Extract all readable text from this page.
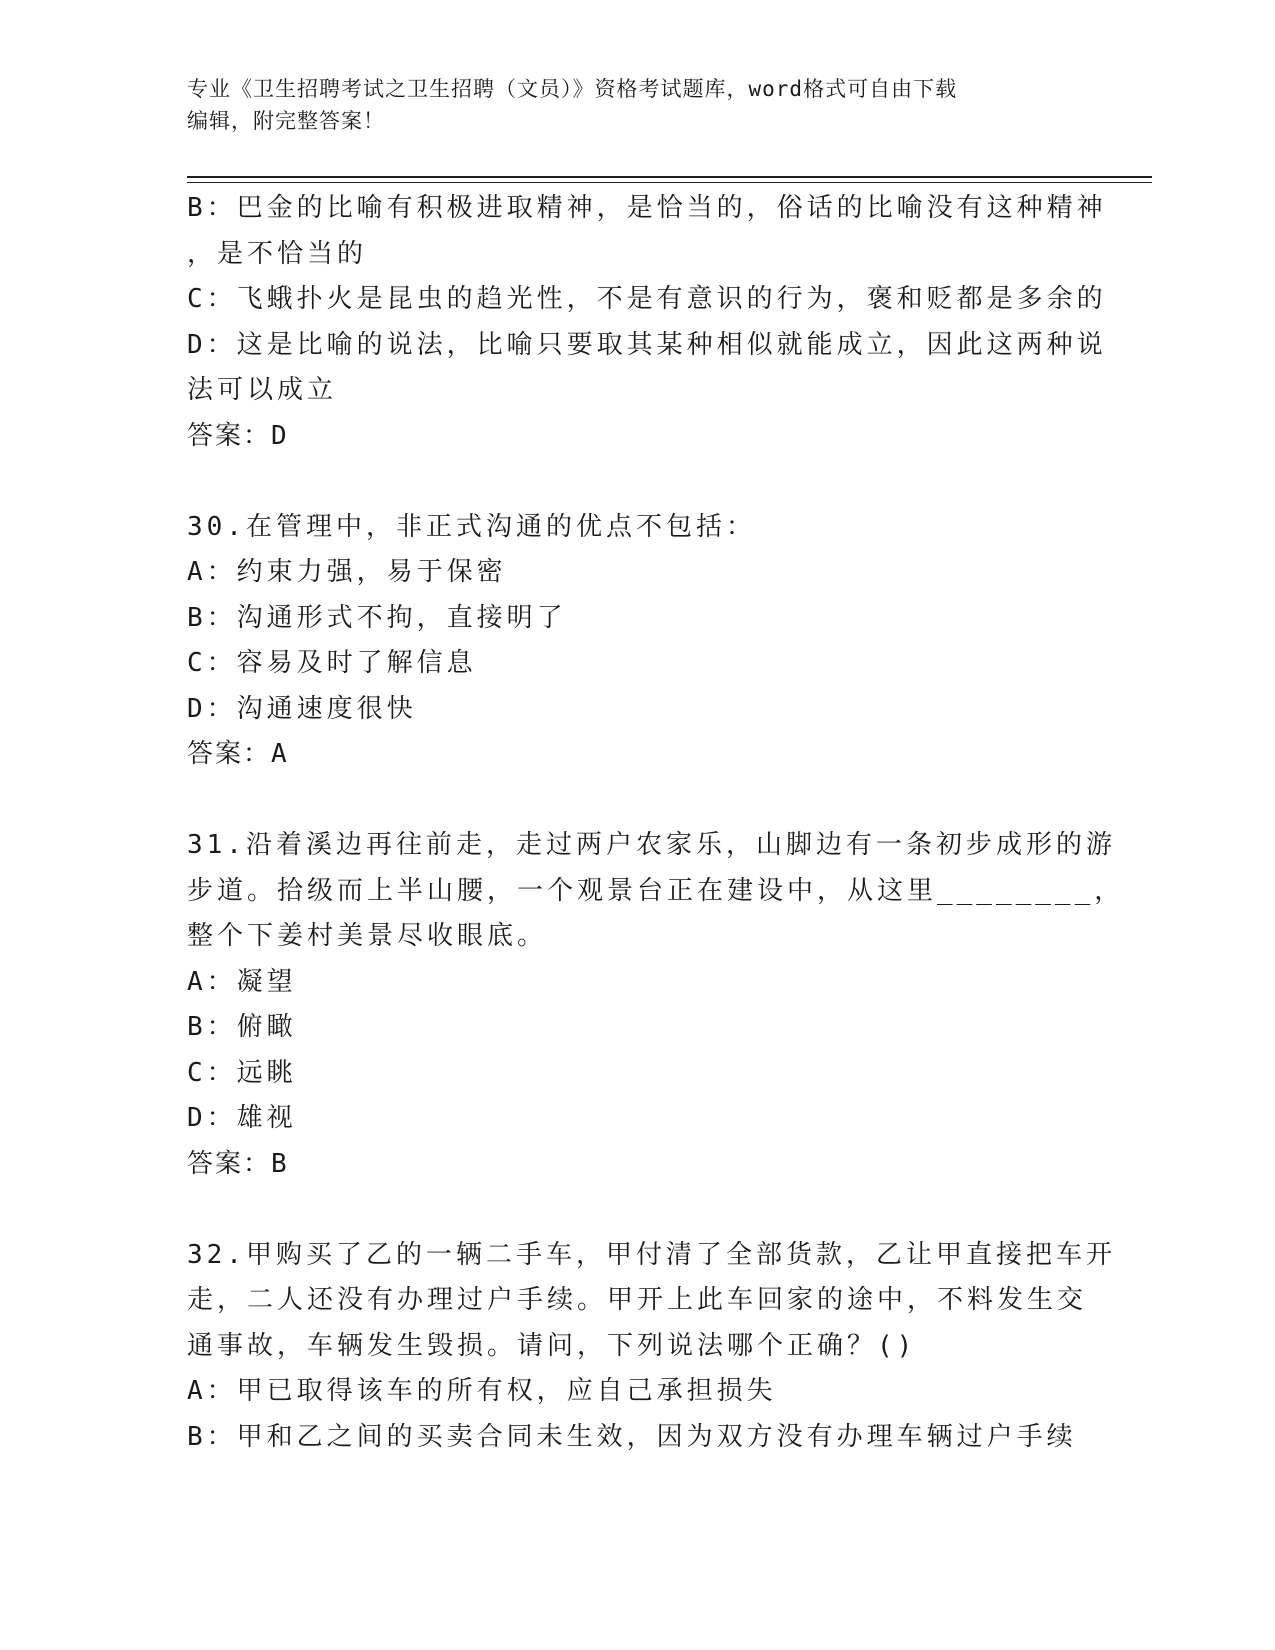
专业《卫生招聘考试之卫生招聘（文员）》资格考试题库，word格式可自由下载
编辑，附完整答案！
B：巴金的比喻有积极进取精神，是恰当的，俗话的比喻没有这种精神
，是不恰当的
C：飞蛾扑火是昆虫的趋光性，不是有意识的行为，褒和贬都是多余的
D：这是比喻的说法，比喻只要取其某种相似就能成立，因此这两种说
法可以成立
答案：D
30.在管理中，非正式沟通的优点不包括：
A：约束力强，易于保密
B：沟通形式不拘，直接明了
C：容易及时了解信息
D：沟通速度很快
答案：A
31.沿着溪边再往前走，走过两户农家乐，山脚边有一条初步成形的游
步道。拾级而上半山腰，一个观景台正在建设中，从这里________，
整个下姜村美景尽收眼底。
A：凝望
B：俯瞰
C：远眺
D：雄视
答案：B
32.甲购买了乙的一辆二手车，甲付清了全部货款，乙让甲直接把车开
走，二人还没有办理过户手续。甲开上此车回家的途中，不料发生交
通事故，车辆发生毁损。请问，下列说法哪个正确？()
A：甲已取得该车的所有权，应自己承担损失
B：甲和乙之间的买卖合同未生效，因为双方没有办理车辆过户手续
